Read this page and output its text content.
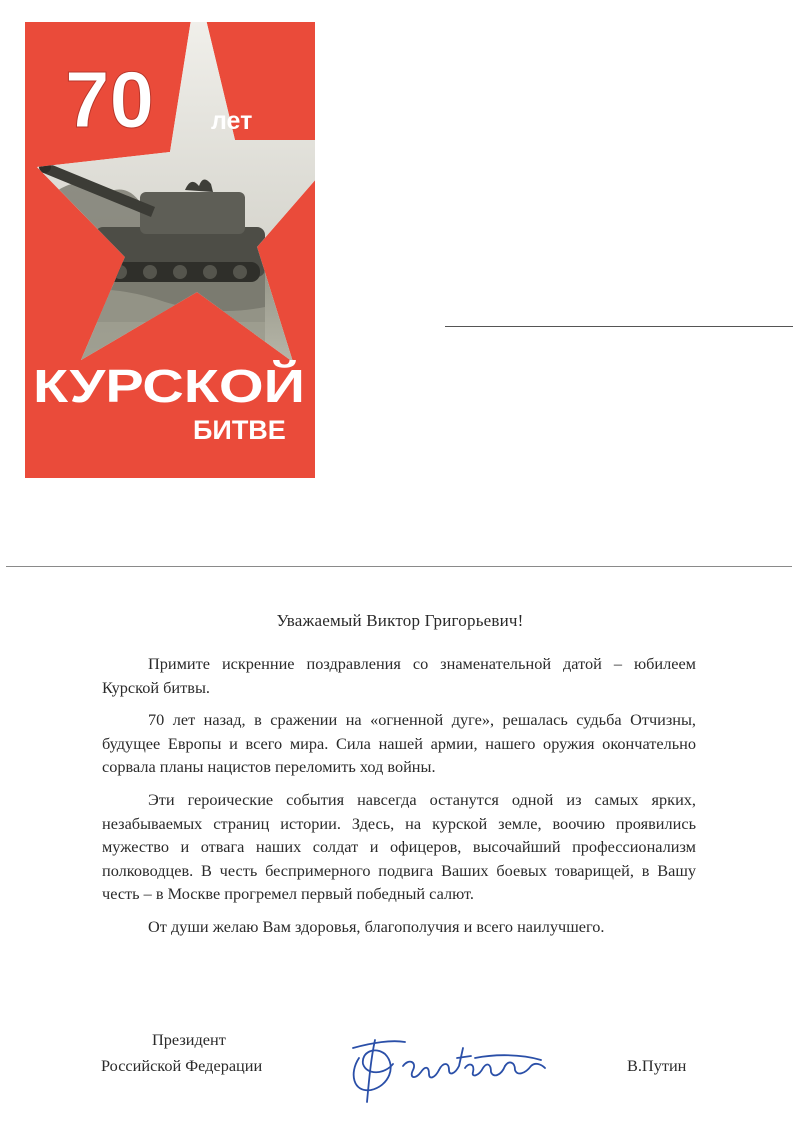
70 лет
КУРСКОЙ
БИТВЕ
Уважаемый Виктор Григорьевич!

Примите искренние поздравления со знаменательной датой – юбилеем Курской битвы.

70 лет назад, в сражении на «огненной дуге», решалась судьба Отчизны, будущее Европы и всего мира. Сила нашей армии, нашего оружия окончательно сорвала планы нацистов переломить ход войны.

Эти героические события навсегда останутся одной из самых ярких, незабываемых страниц истории. Здесь, на курской земле, воочию проявились мужество и отвага наших солдат и офицеров, высочайший профессионализм полководцев. В честь беспримерного подвига Ваших боевых товарищей, в Вашу честь – в Москве прогремел первый победный салют.

От души желаю Вам здоровья, благополучия и всего наилучшего.

Президент
Российской Федерации	В.Путин
